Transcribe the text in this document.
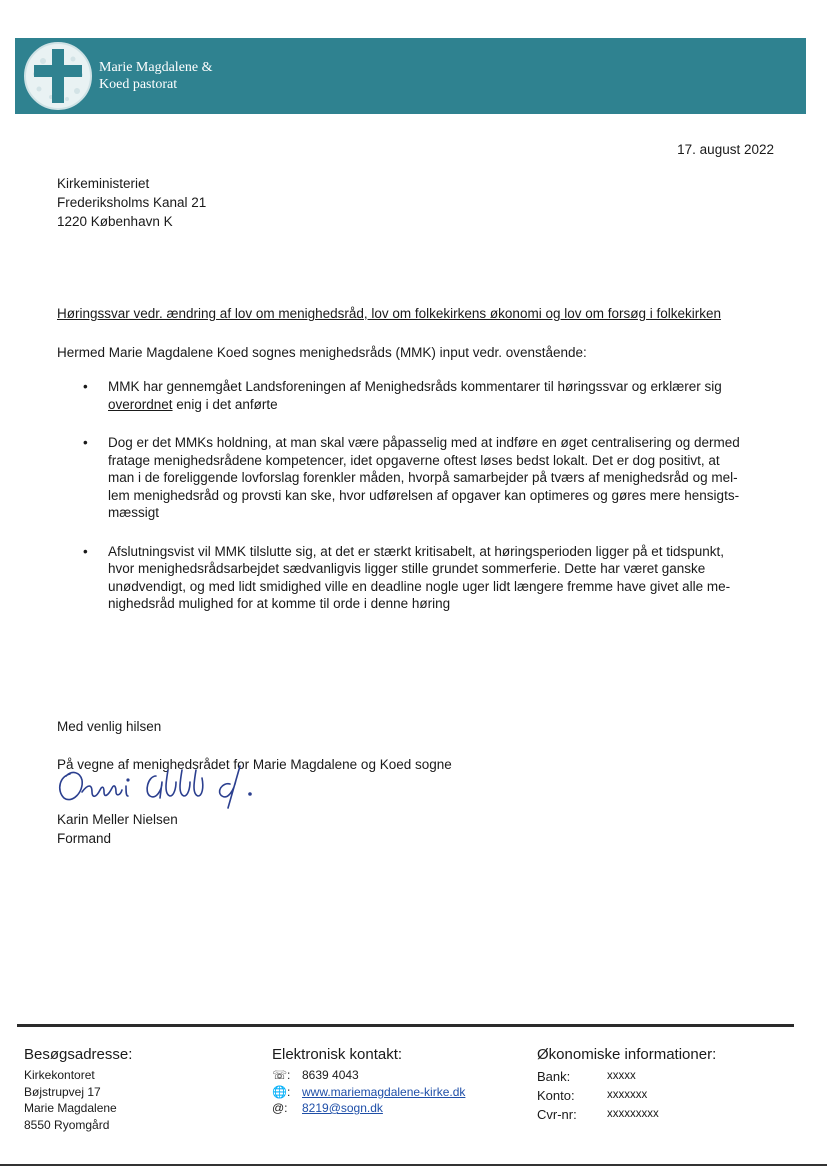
Marie Magdalene &
Koed pastorat
17. august 2022
Kirkeministeriet
Frederiksholms Kanal 21
1220 København K
Høringssvar vedr. ændring af lov om menighedsråd, lov om folkekirkens økonomi og lov om forsøg i folkekirken
Hermed Marie Magdalene Koed sognes menighedsråds (MMK) input vedr. ovenstående:
• MMK har gennemgået Landsforeningen af Menighedsråds kommentarer til høringssvar og erklærer sig
overordnet enig i det anførte
• Dog er det MMKs holdning, at man skal være påpasselig med at indføre en øget centralisering og dermed
fratage menighedsrådene kompetencer, idet opgaverne oftest løses bedst lokalt. Det er dog positivt, at
man i de foreliggende lovforslag forenkler måden, hvorpå samarbejder på tværs af menighedsråd og mel-
lem menighedsråd og provsti kan ske, hvor udførelsen af opgaver kan optimeres og gøres mere hensigts-
mæssigt
• Afslutningsvist vil MMK tilslutte sig, at det er stærkt kritisabelt, at høringsperioden ligger på et tidspunkt,
hvor menighedsrådsarbejdet sædvanligvis ligger stille grundet sommerferie. Dette har været ganske
unødvendigt, og med lidt smidighed ville en deadline nogle uger lidt længere fremme have givet alle me-
nighedsråd mulighed for at komme til orde i denne høring
Med venlig hilsen
På vegne af menighedsrådet for Marie Magdalene og Koed sogne
Karin Meller Nielsen
Formand
Besøgsadresse:
Kirkekontoret
Bøjstrupvej 17
Marie Magdalene
8550 Ryomgård
Elektronisk kontakt:
☏: 8639 4043
🌐: www.mariemagdalene-kirke.dk
@:	8219@sogn.dk
Økonomiske informationer:
Bank:	xxxxx
Konto:	xxxxxxx
Cvr-nr:	xxxxxxxxx
